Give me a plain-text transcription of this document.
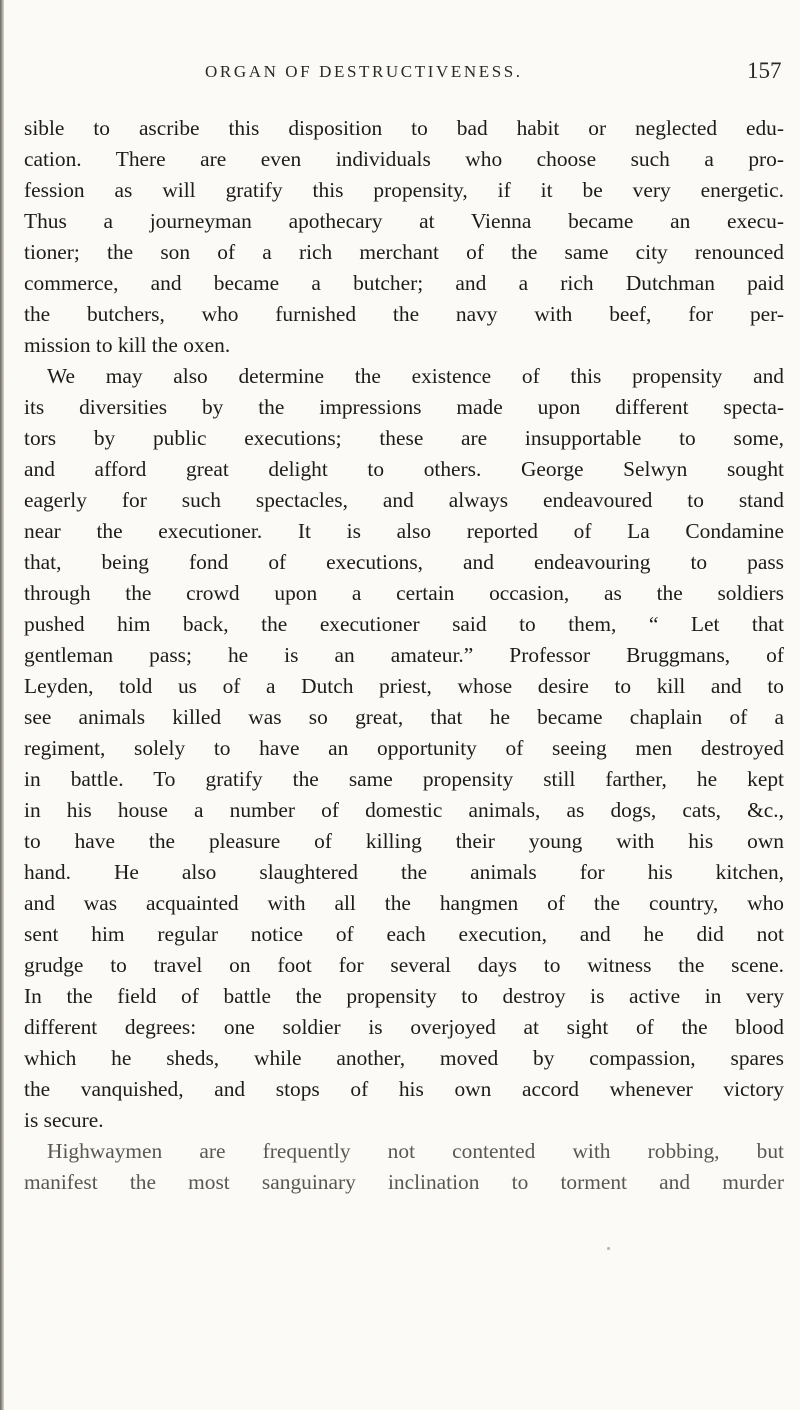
ORGAN OF DESTRUCTIVENESS.	157
sible to ascribe this disposition to bad habit or neglected edu-
cation. There are even individuals who choose such a pro-
fession as will gratify this propensity, if it be very energetic.
Thus a journeyman apothecary at Vienna became an execu-
tioner; the son of a rich merchant of the same city renounced
commerce, and became a butcher; and a rich Dutchman paid
the butchers, who furnished the navy with beef, for per-
mission to kill the oxen.
We may also determine the existence of this propensity and
its diversities by the impressions made upon different specta-
tors by public executions; these are insupportable to some,
and afford great delight to others. George Selwyn sought
eagerly for such spectacles, and always endeavoured to stand
near the executioner. It is also reported of La Condamine
that, being fond of executions, and endeavouring to pass
through the crowd upon a certain occasion, as the soldiers
pushed him back, the executioner said to them, “ Let that
gentleman pass; he is an amateur.” Professor Bruggmans, of
Leyden, told us of a Dutch priest, whose desire to kill and to
see animals killed was so great, that he became chaplain of a
regiment, solely to have an opportunity of seeing men destroyed
in battle. To gratify the same propensity still farther, he kept
in his house a number of domestic animals, as dogs, cats, &c.,
to have the pleasure of killing their young with his own
hand. He also slaughtered the animals for his kitchen,
and was acquainted with all the hangmen of the country, who
sent him regular notice of each execution, and he did not
grudge to travel on foot for several days to witness the scene.
In the field of battle the propensity to destroy is active in very
different degrees: one soldier is overjoyed at sight of the blood
which he sheds, while another, moved by compassion, spares
the vanquished, and stops of his own accord whenever victory
is secure.
Highwaymen are frequently not contented with robbing, but
manifest the most sanguinary inclination to torment and murder
